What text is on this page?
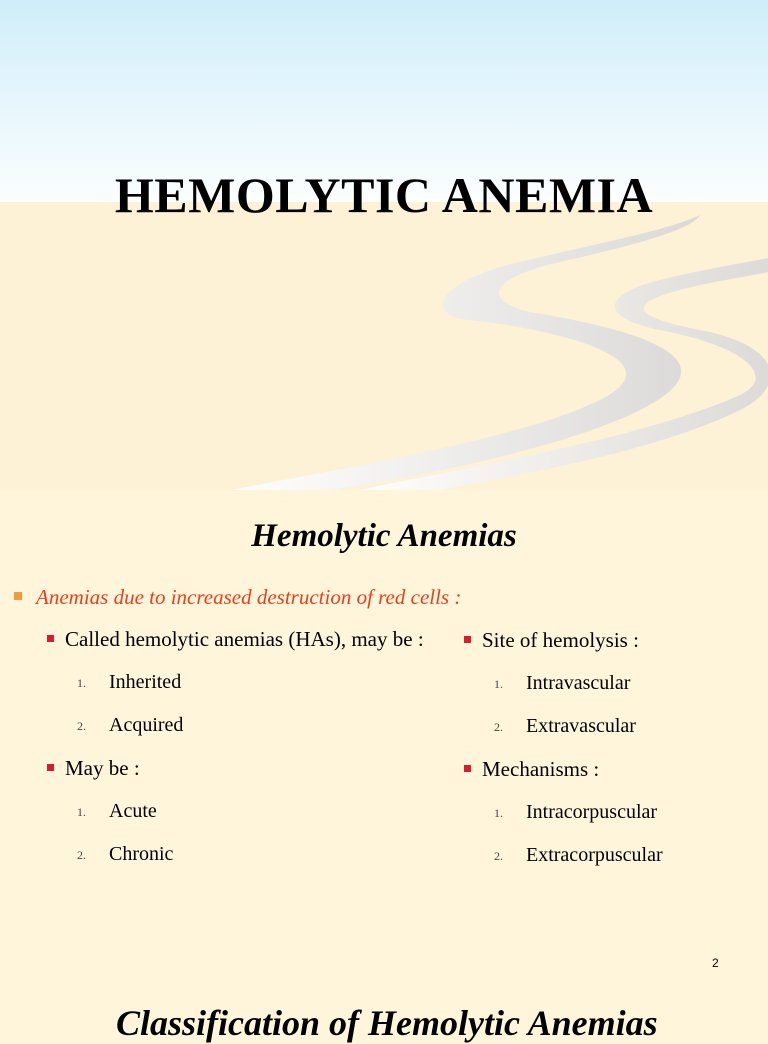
HEMOLYTIC ANEMIA
Hemolytic Anemias
Anemias due to increased destruction of red cells :
Called hemolytic anemias (HAs), may be :
1. Inherited
2. Acquired
May be :
1. Acute
2. Chronic
Site of hemolysis :
1. Intravascular
2. Extravascular
Mechanisms :
1. Intracorpuscular
2. Extracorpuscular
2
Classification of Hemolytic Anemias
